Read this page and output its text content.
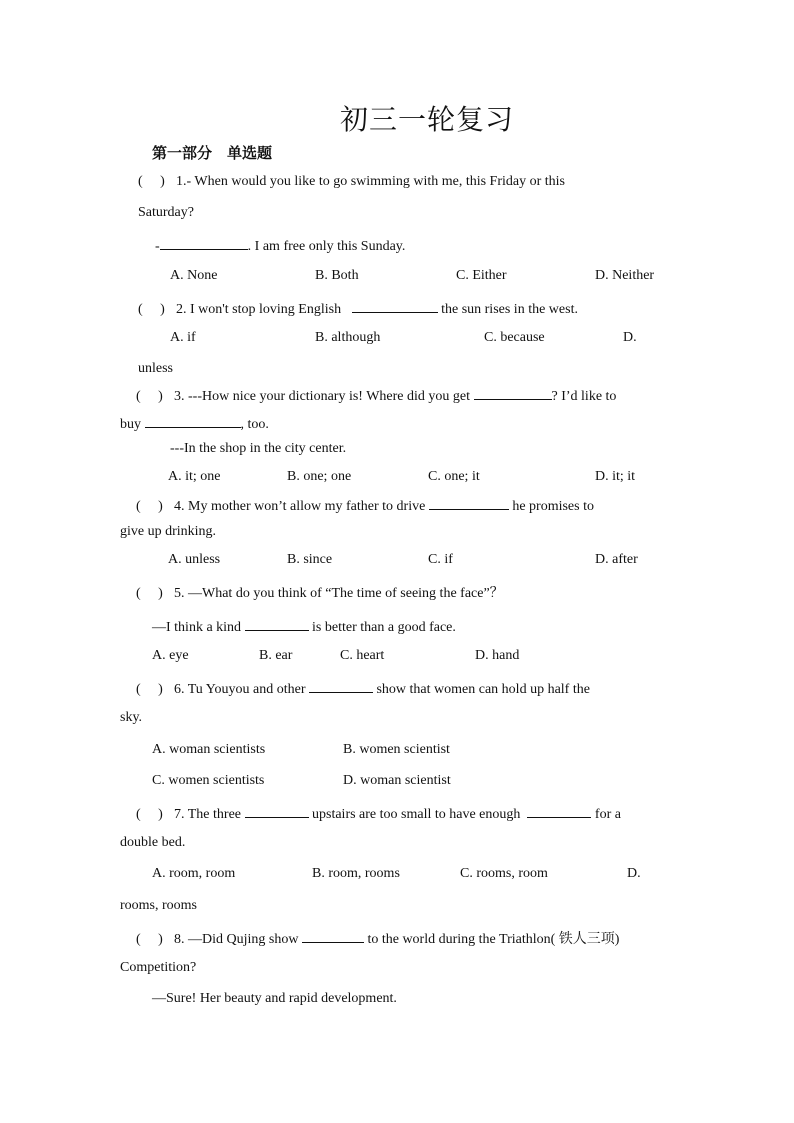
初三一轮复习
第一部分　单选题
(　 ) 1.- When would you like to go swimming with me, this Friday or this
Saturday?
-	. I am free only this Sunday.
A. None	B. Both	C. Either	D. Neither
(　 ) 2. I won't stop loving English	the sun rises in the west.
A. if	B. although	C. because	D.
unless
(　 ) 3. ---How nice your dictionary is! Where did you get	? I’d like to
buy	, too.
---In the shop in the city center.
A. it; one	B. one; one	C. one; it	D. it; it
(　 ) 4. My mother won’t allow my father to drive	he promises to
give up drinking.
A. unless	B. since	C. if	D. after
(　 ) 5. —What do you think of “The time of seeing the face”？
—I think a kind	is better than a good face.
A. eye	B. ear	C. heart	D. hand
(　 ) 6. Tu Youyou and other	show that women can hold up half the
sky.
A. woman scientists	B. women scientist
C. women scientists	D. woman scientist
(　 ) 7. The three	upstairs are too small to have enough	for a
double bed.
A. room, room	B. room, rooms	C. rooms, room	D.
rooms, rooms
(　 ) 8. —Did Qujing show	to the world during the Triathlon( 铁人三项)
Competition?
—Sure! Her beauty and rapid development.
